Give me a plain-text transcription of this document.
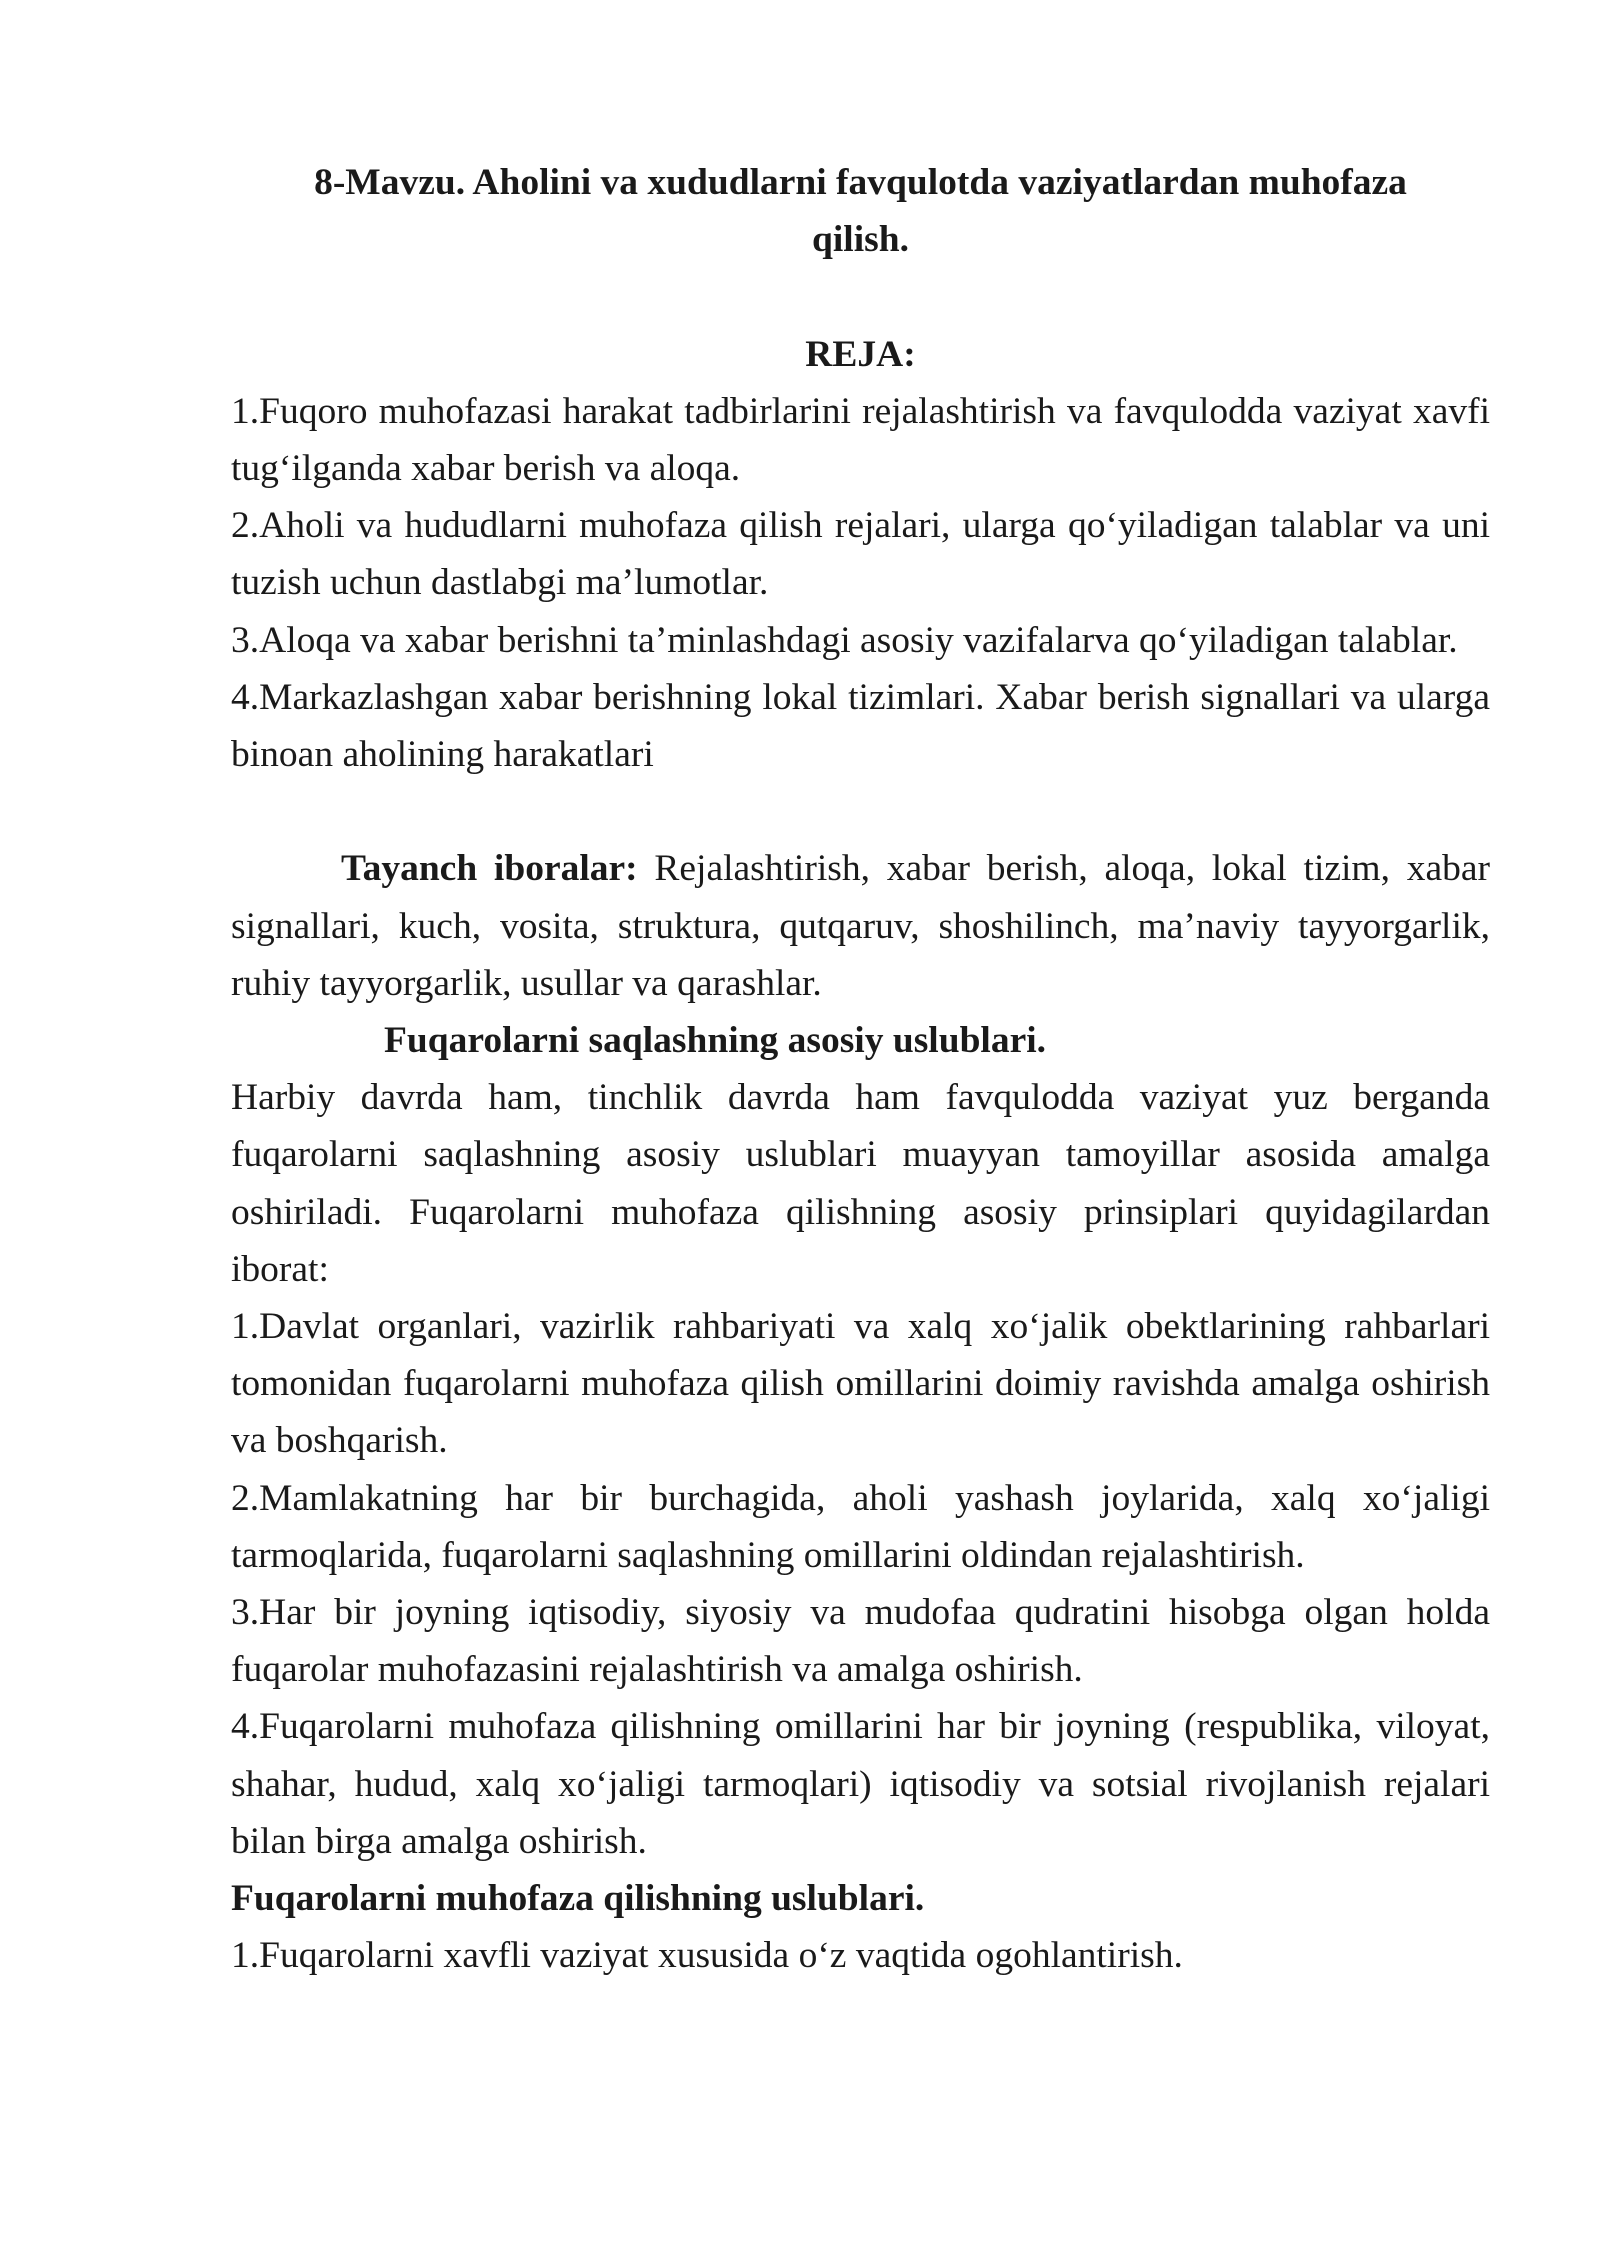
8-Mavzu. Aholini va xududlarni favqulotda vaziyatlardan muhofaza

qilish.

REJA:

1.Fuqoro muhofazasi harakat tadbirlarini rejalashtirish va favqulodda vaziyat xavfi tug‘ilganda xabar berish va aloqa.

2.Aholi va hududlarni muhofaza qilish rejalari, ularga qo‘yiladigan talablar va uni tuzish uchun dastlabgi ma’lumotlar.

3.Aloqa va xabar berishni ta’minlashdagi asosiy vazifalarva qo‘yiladigan talablar.

4.Markazlashgan xabar berishning lokal tizimlari. Xabar berish signallari va ularga binoan aholining harakatlari

Tayanch iboralar: Rejalashtirish, xabar berish, aloqa, lokal tizim, xabar signallari, kuch, vosita, struktura, qutqaruv, shoshilinch, ma’naviy tayyorgarlik, ruhiy tayyorgarlik, usullar va qarashlar.

Fuqarolarni saqlashning asosiy uslublari.

Harbiy davrda ham, tinchlik davrda ham favqulodda vaziyat yuz berganda fuqarolarni saqlashning asosiy uslublari muayyan tamoyillar asosida amalga oshiriladi. Fuqarolarni muhofaza qilishning asosiy prinsiplari quyidagilardan iborat:

1.Davlat organlari, vazirlik rahbariyati va xalq xo‘jalik obektlarining rahbarlari tomonidan fuqarolarni muhofaza qilish omillarini doimiy ravishda amalga oshirish va boshqarish.

2.Mamlakatning har bir burchagida, aholi yashash joylarida, xalq xo‘jaligi tarmoqlarida, fuqarolarni saqlashning omillarini oldindan rejalashtirish.

3.Har bir joyning iqtisodiy, siyosiy va mudofaa qudratini hisobga olgan holda fuqarolar muhofazasini rejalashtirish va amalga oshirish.

4.Fuqarolarni muhofaza qilishning omillarini har bir joyning (respublika, viloyat, shahar, hudud, xalq xo‘jaligi tarmoqlari) iqtisodiy va sotsial rivojlanish rejalari bilan birga amalga oshirish.

Fuqarolarni muhofaza qilishning uslublari.

1.Fuqarolarni xavfli vaziyat xususida o‘z vaqtida ogohlantirish.
